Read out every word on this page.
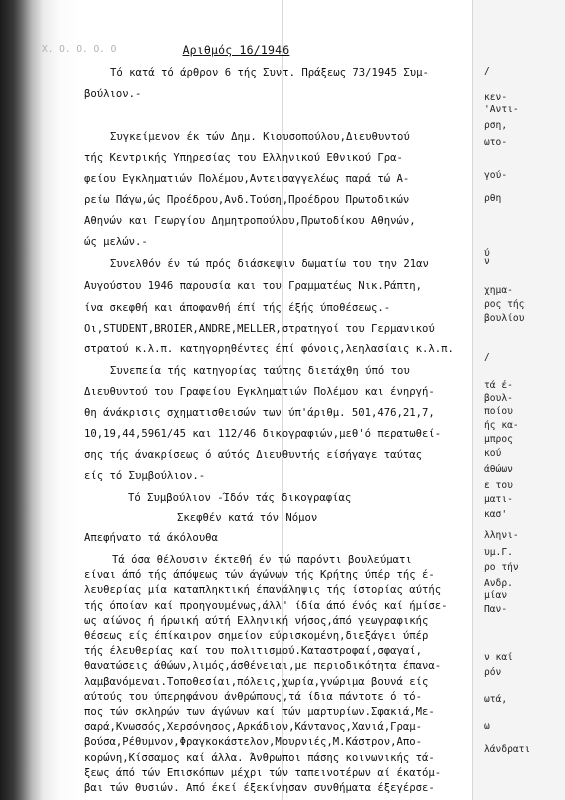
Χ. Ο. Ο. Ο. Ο	Αριθμός 16/1946
Τό κατά τό άρθρον 6 τής Συντ. Πράξεως 73/1945 Συμ-
βούλιον.-
Συγκείμενον έκ τών Δημ. Κιουσοπούλου,Διευθυντού
τής Κεντρικής Υπηρεσίας του Ελληνικού Εθνικού Γρα-
φείου Εγκληματιών Πολέμου,Αντεισαγγελέως παρά τώ Α-
ρείω Πάγω,ώς Προέδρου,Ανδ.Τούση,Προέδρου Πρωτοδικών
Αθηνών και Γεωργίου Δημητροπούλου,Πρωτοδίκου Αθηνών,
ώς μελών.-
Συνελθόν έν τώ πρός διάσκεψιν δωματίω του την 21αν
Αυγούστου 1946 παρουσία και του Γραμματέως Νικ.Ράπτη,
ίνα σκεφθή και άποφανθή έπί τής έξής ύποθέσεως.-
Οι,STUDENT,BROIER,ANDRE,MELLER,στρατηγοί του Γερμανικού
στρατού κ.λ.π. κατηγορηθέντες έπί φόνοις,λεηλασίαις κ.λ.π.
Συνεπεία τής κατηγορίας ταύτης διετάχθη ύπό του
Διευθυντού του Γραφείου Εγκληματιών Πολέμου και ένηργή-
θη άνάκρισις σχηματισθεισών των ύπ'άριθμ. 501,476,21,7,
10,19,44,5961/45 και 112/46 δικογραφιών,μεθ'ό περατωθεί-
σης τής άνακρίσεως ό αύτός Διευθυντής είσήγαγε ταύτας
είς τό Συμβούλιον.-
Τό Συμβούλιον -Ίδόν τάς δικογραφίας
Σκεφθέν κατά τόν Νόμον
Απεφήνατο τά άκόλουθα
Τά όσα θέλουσιν έκτεθή έν τώ παρόντι βουλεύματι
είναι άπό τής άπόψεως τών άγώνων τής Κρήτης ύπέρ τής έ-
λευθερίας μία καταπληκτική έπανάληψις τής ίστορίας αύτής
τής όποίαν καί προηγουμένως,άλλ' ίδία άπό ένός καί ήμίσε-
ως αίώνος ή ήρωική αύτή Ελληνική νήσος,άπό γεωγραφικής
θέσεως είς έπίκαιρον σημείον εύρισκομένη,διεξάγει ύπέρ
τής έλευθερίας καί του πολιτισμού.Καταστροφαί,σφαγαί,
θανατώσεις άθώων,λιμός,άσθένειαι,με περιοδικότητα έπανα-
λαμβανόμεναι.Τοποθεσίαι,πόλεις,χωρία,γνώριμα βουνά είς
αύτούς του ύπερηφάνου άνθρώπους,τά ίδια πάντοτε ό τό-
πος τών σκληρών των άγώνων καί τών μαρτυρίων.Σφακιά,Με-
σαρά,Κνωσσός,Χερσόνησος,Αρκάδιον,Κάντανος,Χανιά,Γραμ-
βούσα,Ρέθυμνον,Φραγκοκάστελον,Μουρνιές,Μ.Κάστρον,Απο-
κορώνη,Κίσσαμος καί άλλα. Άνθρωποι πάσης κοινωνικής τά-
ξεως άπό τών Επισκόπων μέχρι τών ταπεινοτέρων αί έκατόμ-
βαι τών θυσιών. Από έκεί έξεκίνησαν συνθήματα έξεγέρσε-
/
κεν-
'Αντι-
ρση,
ωτο-
γού-
ρθη
ύ
ν
χημα-
ρος τής
βουλίου
/
τά έ-
βουλ-
ποίου
ής κα-
μπρος
κού
άθώων
ε του
ματι-
κασ'
λληνι-
υμ.Γ.
ρο τήν
Ανδρ.
μίαν
Παν-
ν καί
ρόν
ωτά,
ω
λάνδρατι
